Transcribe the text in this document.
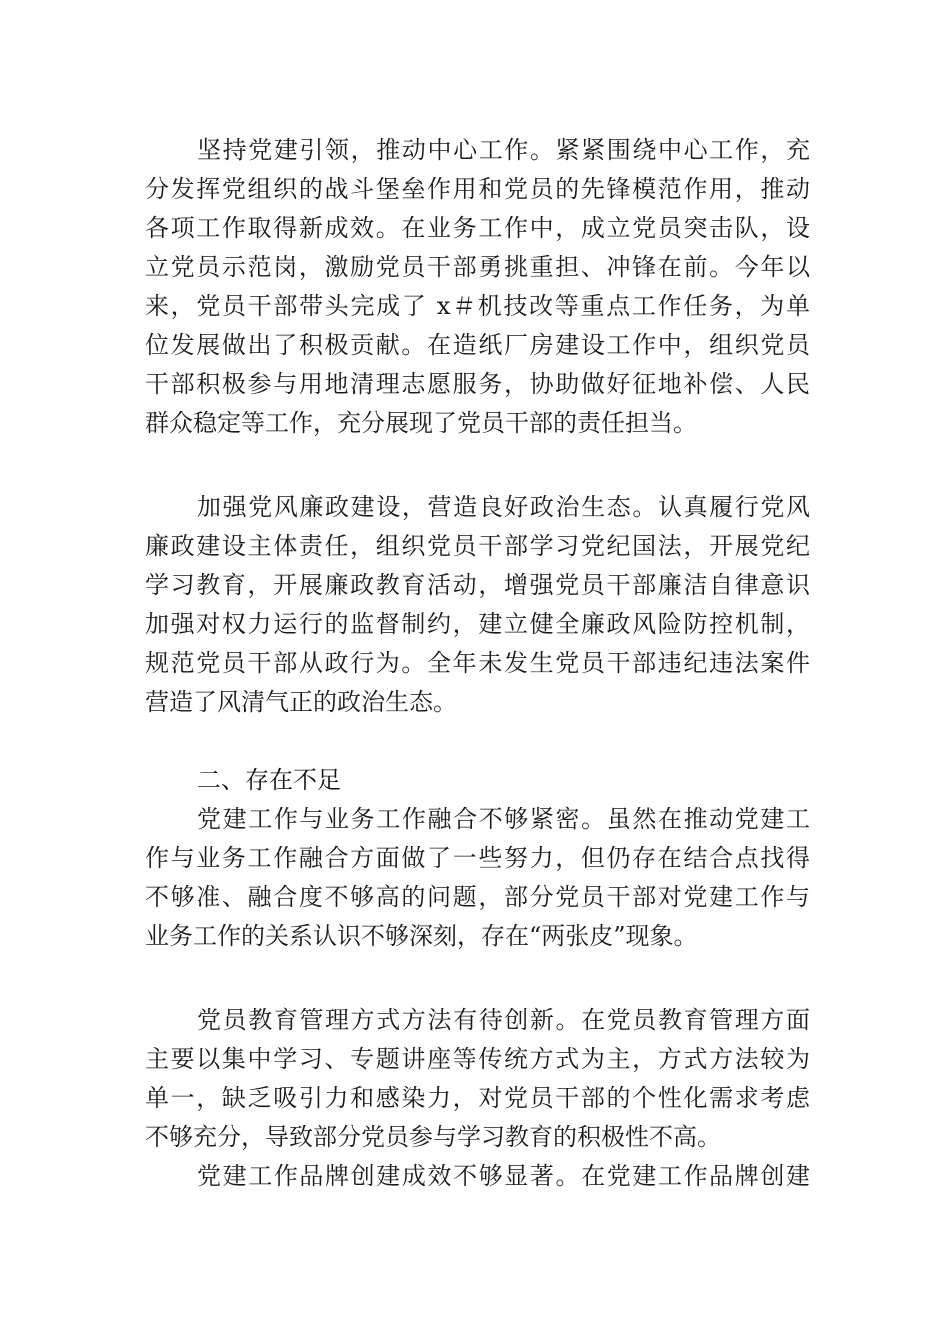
坚持党建引领，推动中心工作。紧紧围绕中心工作，充
分发挥党组织的战斗堡垒作用和党员的先锋模范作用，推动
各项工作取得新成效。在业务工作中，成立党员突击队，设
立党员示范岗，激励党员干部勇挑重担、冲锋在前。今年以
来，党员干部带头完成了 x＃机技改等重点工作任务，为单
位发展做出了积极贡献。在造纸厂房建设工作中，组织党员
干部积极参与用地清理志愿服务，协助做好征地补偿、人民
群众稳定等工作，充分展现了党员干部的责任担当。
加强党风廉政建设，营造良好政治生态。认真履行党风
廉政建设主体责任，组织党员干部学习党纪国法，开展党纪
学习教育，开展廉政教育活动，增强党员干部廉洁自律意识
加强对权力运行的监督制约，建立健全廉政风险防控机制，
规范党员干部从政行为。全年未发生党员干部违纪违法案件
营造了风清气正的政治生态。
二、存在不足
党建工作与业务工作融合不够紧密。虽然在推动党建工
作与业务工作融合方面做了一些努力，但仍存在结合点找得
不够准、融合度不够高的问题，部分党员干部对党建工作与
业务工作的关系认识不够深刻，存在“两张皮”现象。
党员教育管理方式方法有待创新。在党员教育管理方面
主要以集中学习、专题讲座等传统方式为主，方式方法较为
单一，缺乏吸引力和感染力，对党员干部的个性化需求考虑
不够充分，导致部分党员参与学习教育的积极性不高。
党建工作品牌创建成效不够显著。在党建工作品牌创建
